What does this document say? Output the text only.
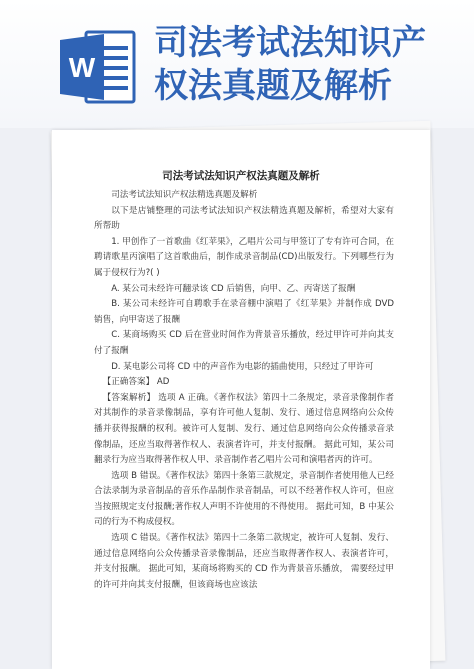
W
司法考试法知识产
权法真题及解析
司法考试法知识产权法真题及解析

司法考试法知识产权法精选真题及解析

以下是店铺整理的司法考试法知识产权法精选真题及解析，希望对大家有所帮助

1. 甲创作了一首歌曲《红苹果》，乙唱片公司与甲签订了专有许可合同，在聘请歌星丙演唱了这首歌曲后，制作成录音制品(CD)出版发行。下列哪些行为属于侵权行为?( )

A. 某公司未经许可翻录该 CD 后销售，向甲、乙、丙寄送了报酬

B. 某公司未经许可自聘歌手在录音棚中演唱了《红苹果》并制作成 DVD 销售，向甲寄送了报酬

C. 某商场购买 CD 后在营业时间作为背景音乐播放，经过甲许可并向其支付了报酬

D. 某电影公司将 CD 中的声音作为电影的插曲使用，只经过了甲许可

【正确答案】 AD

【答案解析】 选项 A 正确。《著作权法》第四十二条规定，录音录像制作者对其制作的录音录像制品，享有许可他人复制、发行、通过信息网络向公众传播并获得报酬的权利。被许可人复制、发行、通过信息网络向公众传播录音录像制品，还应当取得著作权人、表演者许可，并支付报酬。 据此可知，某公司翻录行为应当取得著作权人甲、录音制作者乙唱片公司和演唱者丙的许可。

选项 B 错误。《著作权法》第四十条第三款规定，录音制作者使用他人已经合法录制为录音制品的音乐作品制作录音制品，可以不经著作权人许可，但应当按照规定支付报酬;著作权人声明不许使用的不得使用。 据此可知，B 中某公司的行为不构成侵权。

选项 C 错误。《著作权法》第四十二条第二款规定，被许可人复制、发行、 通过信息网络向公众传播录音录像制品，还应当取得著作权人、表演者许可，并支付报酬。 据此可知，某商场将购买的 CD 作为背景音乐播放， 需要经过甲的许可并向其支付报酬，但该商场也应该法
